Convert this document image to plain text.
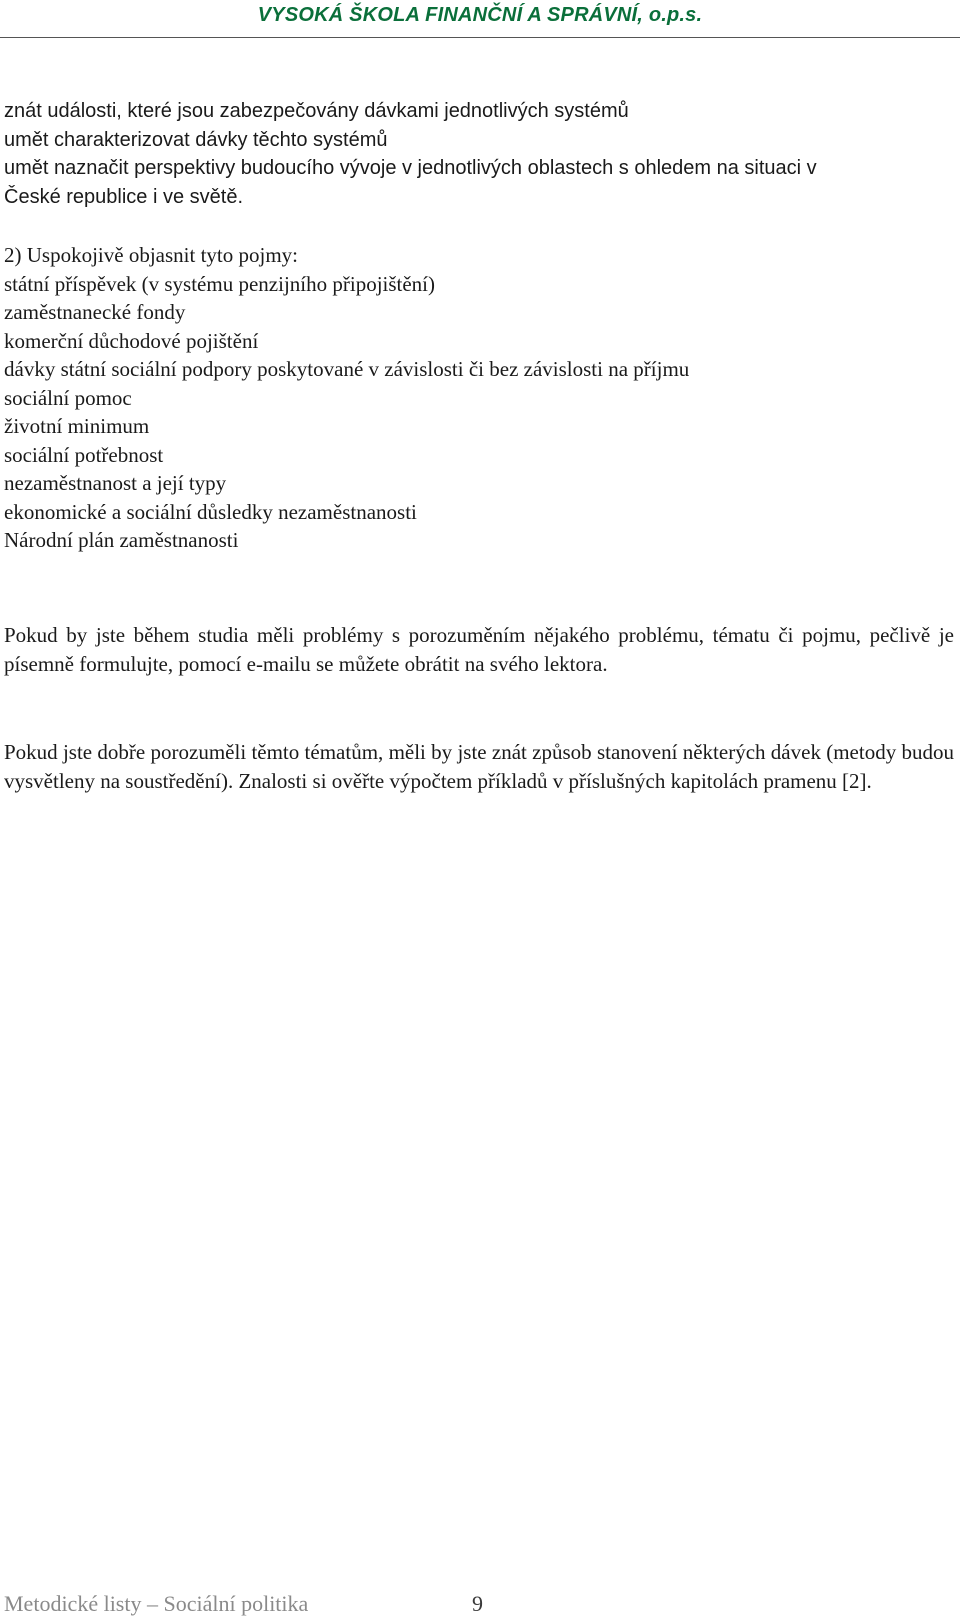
VYSOKÁ ŠKOLA FINANČNÍ A SPRÁVNÍ, o.p.s.
znát události, které jsou zabezpečovány dávkami jednotlivých systémů
umět charakterizovat dávky těchto systémů
umět naznačit perspektivy budoucího vývoje v jednotlivých oblastech s ohledem na situaci v
České republice i ve světě.
2) Uspokojivě objasnit tyto pojmy:
státní příspěvek (v systému penzijního připojištění)
zaměstnanecké fondy
komerční důchodové pojištění
dávky státní sociální podpory poskytované v závislosti či bez závislosti na příjmu
sociální pomoc
životní minimum
sociální potřebnost
nezaměstnanost a její typy
ekonomické a sociální důsledky nezaměstnanosti
Národní plán zaměstnanosti
Pokud by jste během studia měli problémy s porozuměním nějakého problému, tématu či pojmu, pečlivě je písemně formulujte, pomocí e-mailu se můžete obrátit na svého lektora.
Pokud jste dobře porozuměli těmto tématům, měli by jste znát způsob stanovení některých dávek (metody budou vysvětleny na soustředění). Znalosti si ověřte výpočtem příkladů v příslušných kapitolách pramenu [2].
Metodické listy – Sociální politika	9
